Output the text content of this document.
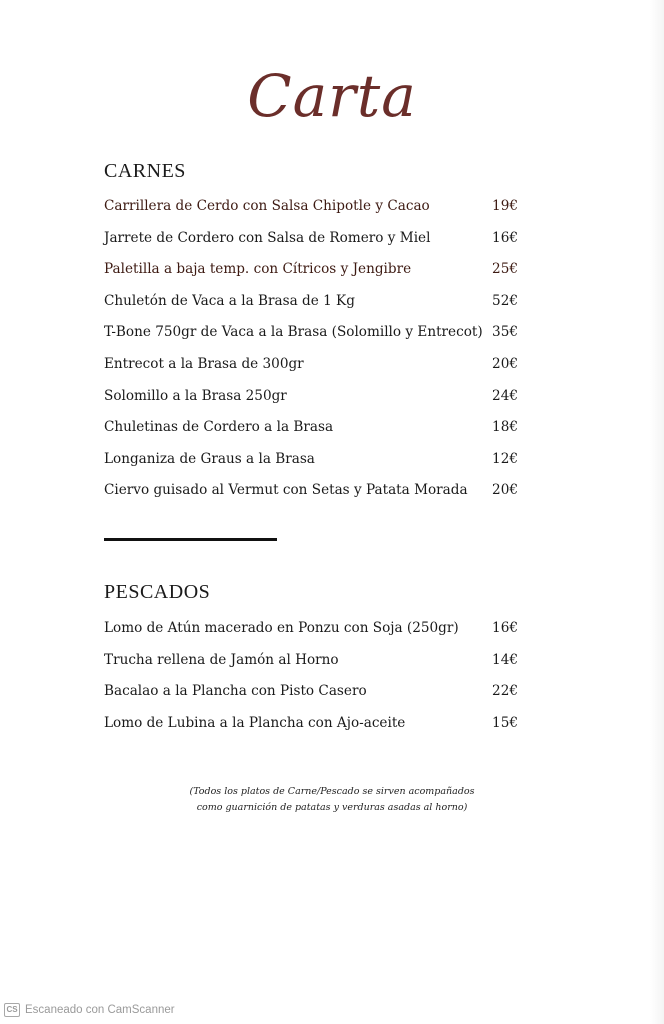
Carta
CARNES
Carrillera de Cerdo con Salsa Chipotle y Cacao	19€
Jarrete de Cordero con Salsa de Romero y Miel	16€
Paletilla a baja temp. con Cítricos y Jengibre	25€
Chuletón de Vaca a la Brasa de 1 Kg	52€
T-Bone 750gr de Vaca a la Brasa (Solomillo y Entrecot) 35€
Entrecot a la Brasa de 300gr	20€
Solomillo a la Brasa 250gr	24€
Chuletinas de Cordero a la Brasa	18€
Longaniza de Graus a la Brasa	12€
Ciervo guisado al Vermut con Setas y Patata Morada 20€
PESCADOS
Lomo de Atún macerado en Ponzu con Soja (250gr) 16€
Trucha rellena de Jamón al Horno	14€
Bacalao a la Plancha con Pisto Casero	22€
Lomo de Lubina a la Plancha con Ajo-aceite	15€
(Todos los platos de Carne/Pescado se sirven acompañados
como guarnición de patatas y verduras asadas al horno)
CS Escaneado con CamScanner
